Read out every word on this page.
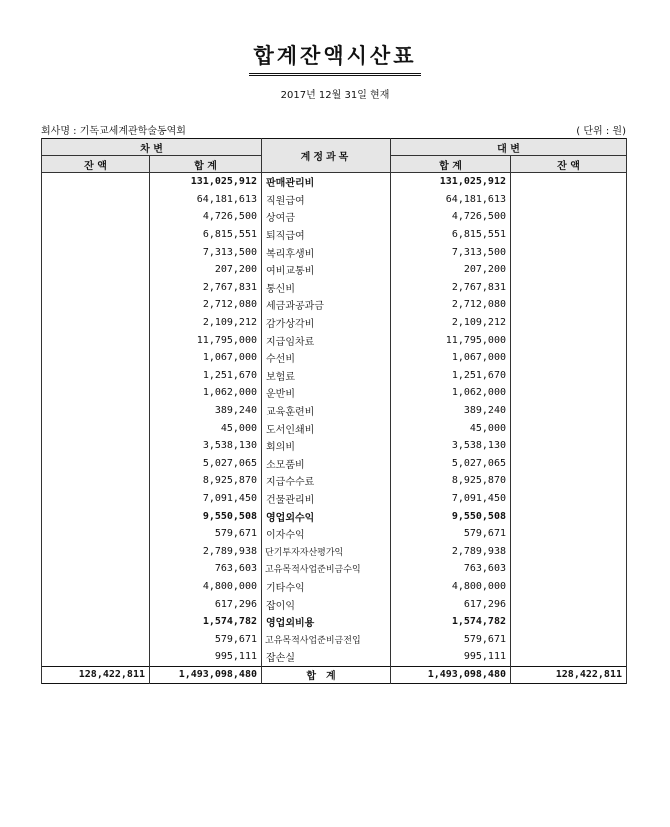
합계잔액시산표
2017년 12월 31일 현재
회사명 : 기독교세계관학술동역회	( 단위 : 원)
차 변		계정과목	대 변	
잔 액	합 계		합 계	잔 액
	131,025,912	판매관리비	131,025,912	
	64,181,613	직원급여	64,181,613	
	4,726,500	상여금	4,726,500	
	6,815,551	퇴직급여	6,815,551	
	7,313,500	복리후생비	7,313,500	
	207,200	여비교통비	207,200	
	2,767,831	통신비	2,767,831	
	2,712,080	세금과공과금	2,712,080	
	2,109,212	감가상각비	2,109,212	
	11,795,000	지급임차료	11,795,000	
	1,067,000	수선비	1,067,000	
	1,251,670	보험료	1,251,670	
	1,062,000	운반비	1,062,000	
	389,240	교육훈련비	389,240	
	45,000	도서인쇄비	45,000	
	3,538,130	회의비	3,538,130	
	5,027,065	소모품비	5,027,065	
	8,925,870	지급수수료	8,925,870	
	7,091,450	건물관리비	7,091,450	
	9,550,508	영업외수익	9,550,508	
	579,671	이자수익	579,671	
	2,789,938	단기투자자산평가익	2,789,938	
	763,603	고유목적사업준비금수익	763,603	
	4,800,000	기타수익	4,800,000	
	617,296	잡이익	617,296	
	1,574,782	영업외비용	1,574,782	
	579,671	고유목적사업준비금전입	579,671	
	995,111	잡손실	995,111	
128,422,811	1,493,098,480	합계	1,493,098,480	128,422,811
